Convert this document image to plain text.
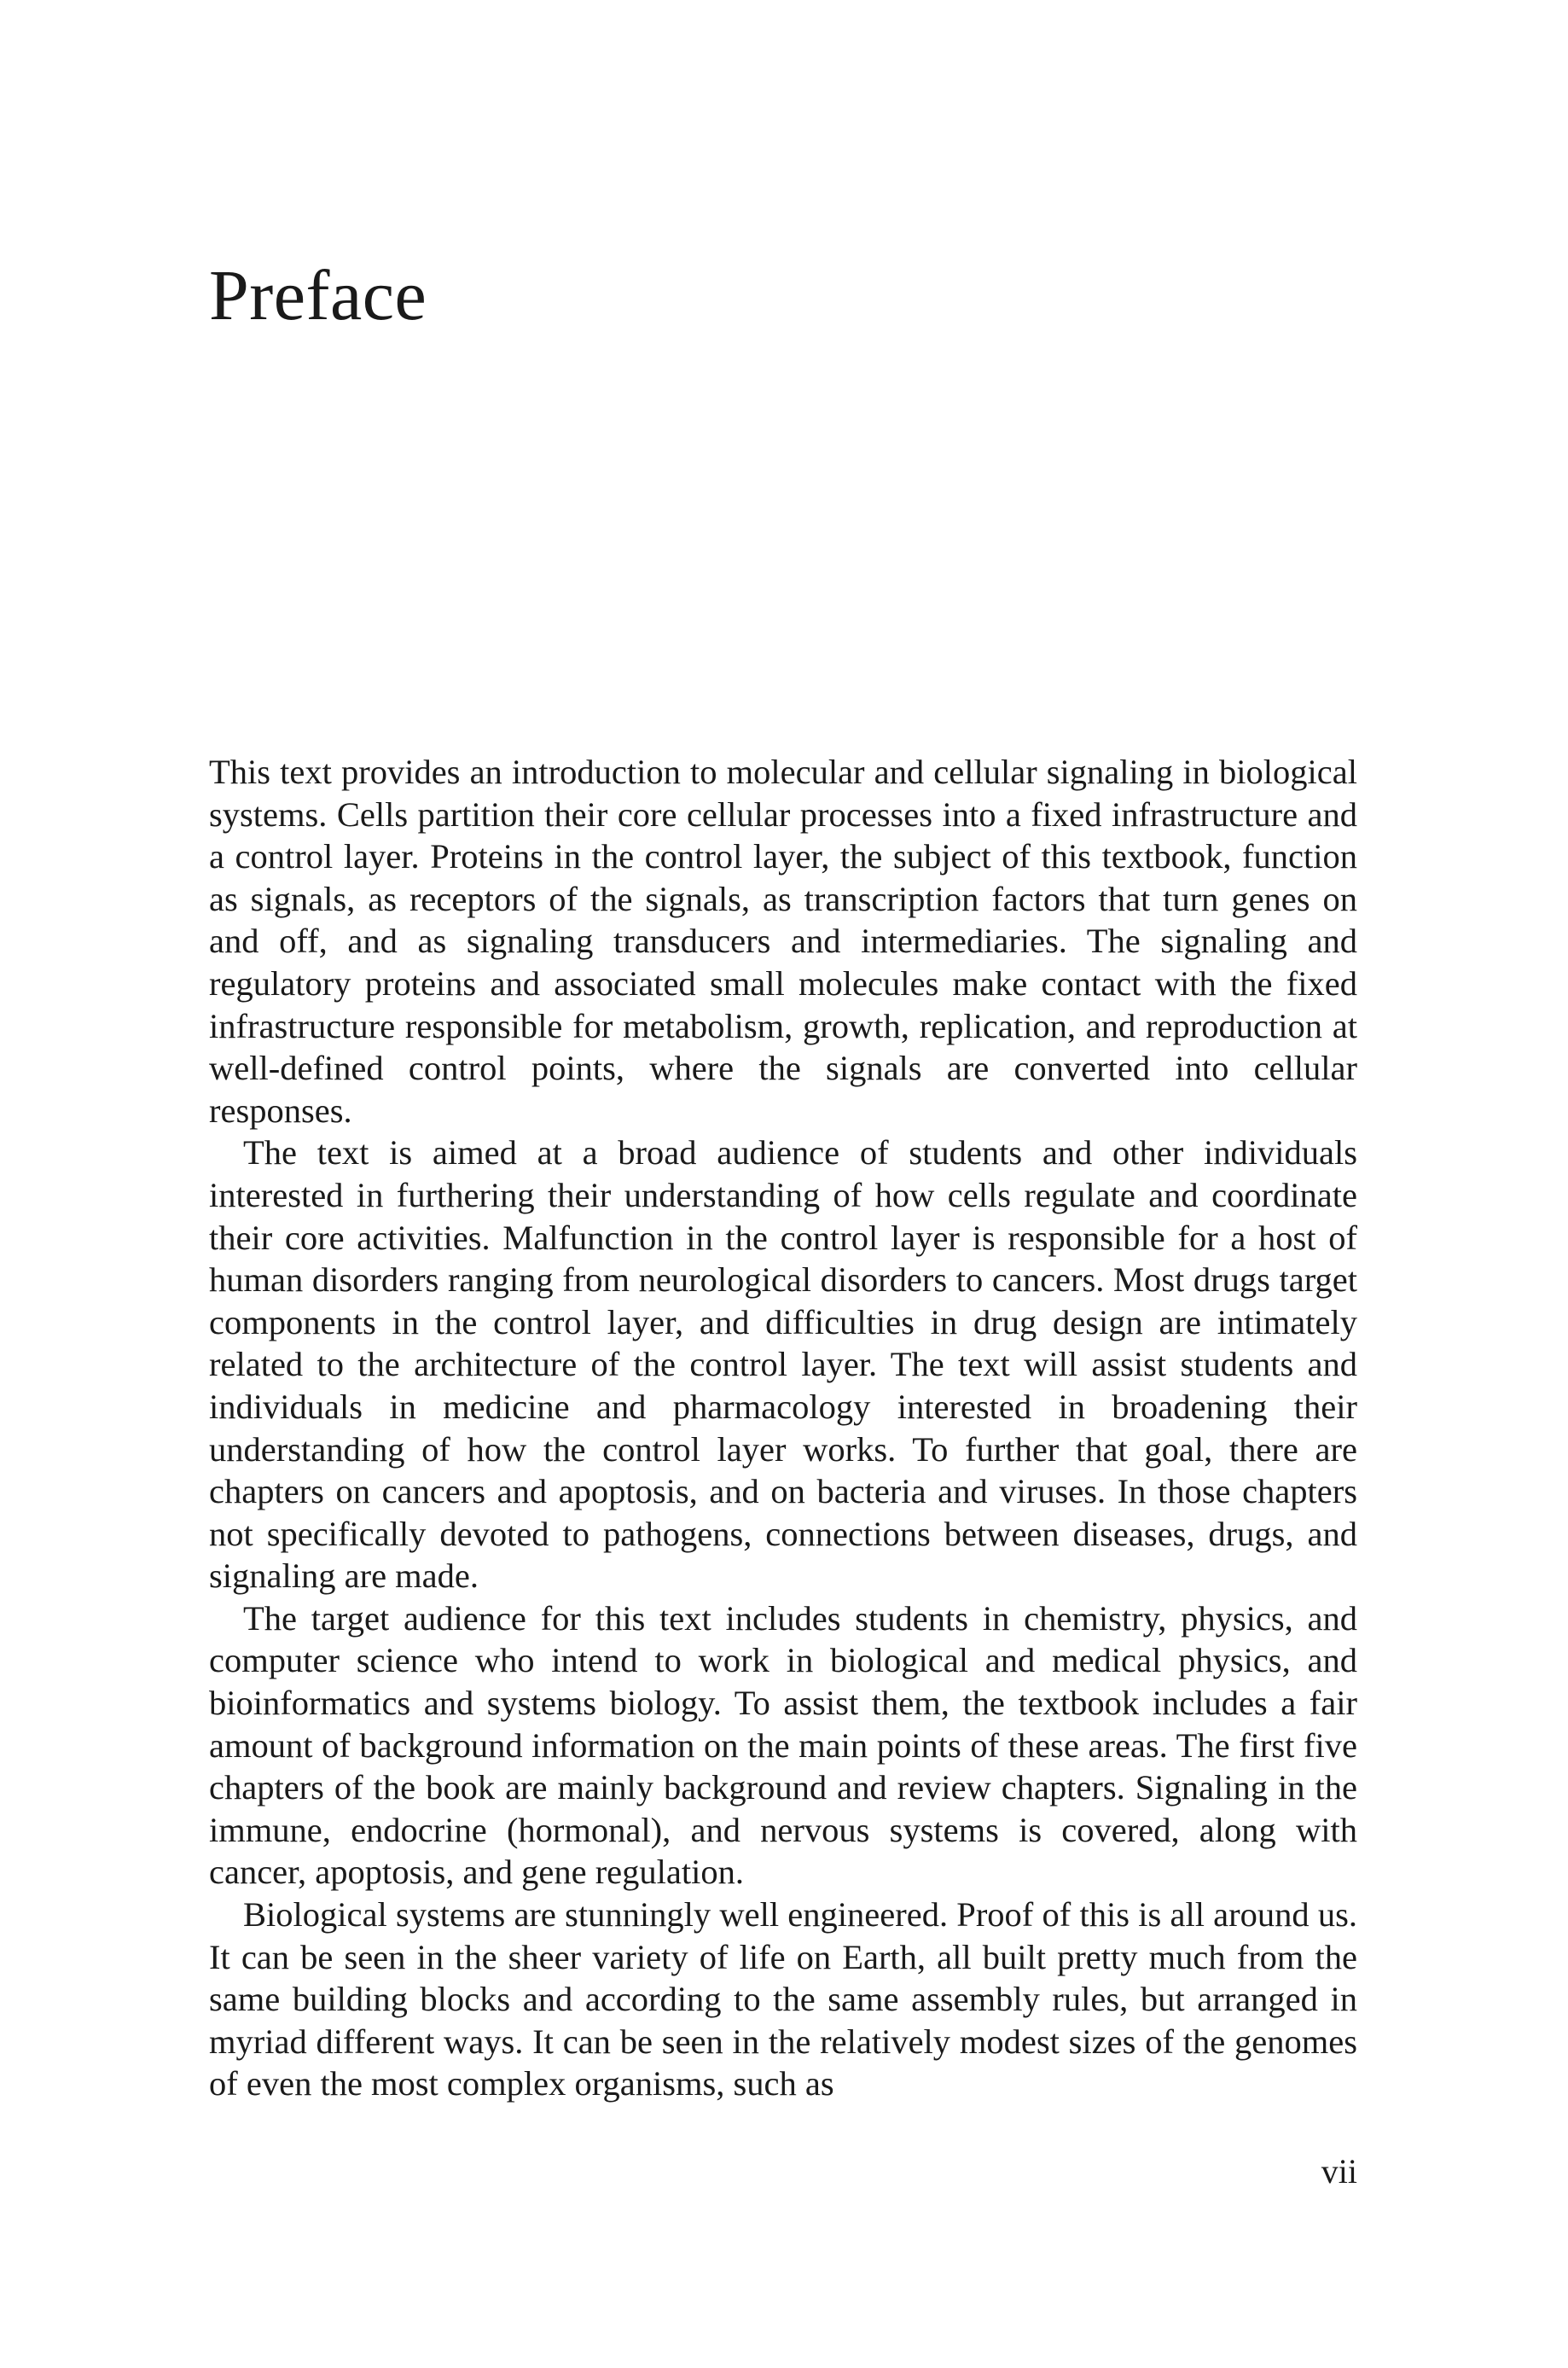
Preface

This text provides an introduction to molecular and cellular signaling in biological systems. Cells partition their core cellular processes into a fixed infrastructure and a control layer. Proteins in the control layer, the subject of this textbook, function as signals, as receptors of the signals, as transcription factors that turn genes on and off, and as signaling transducers and intermediaries. The signaling and regulatory proteins and associated small molecules make contact with the fixed infrastructure responsible for metabolism, growth, replication, and reproduction at well-defined control points, where the signals are converted into cellular responses.

The text is aimed at a broad audience of students and other individuals interested in furthering their understanding of how cells regulate and coordinate their core activities. Malfunction in the control layer is responsible for a host of human disorders ranging from neurological disorders to cancers. Most drugs target components in the control layer, and difficulties in drug design are intimately related to the architecture of the control layer. The text will assist students and individuals in medicine and pharmacology interested in broadening their understanding of how the control layer works. To further that goal, there are chapters on cancers and apoptosis, and on bacteria and viruses. In those chapters not specifically devoted to pathogens, connections between diseases, drugs, and signaling are made.

The target audience for this text includes students in chemistry, physics, and computer science who intend to work in biological and medical physics, and bioinformatics and systems biology. To assist them, the textbook includes a fair amount of background information on the main points of these areas. The first five chapters of the book are mainly background and review chapters. Signaling in the immune, endocrine (hormonal), and nervous systems is covered, along with cancer, apoptosis, and gene regulation.

Biological systems are stunningly well engineered. Proof of this is all around us. It can be seen in the sheer variety of life on Earth, all built pretty much from the same building blocks and according to the same assembly rules, but arranged in myriad different ways. It can be seen in the relatively modest sizes of the genomes of even the most complex organisms, such as

vii
